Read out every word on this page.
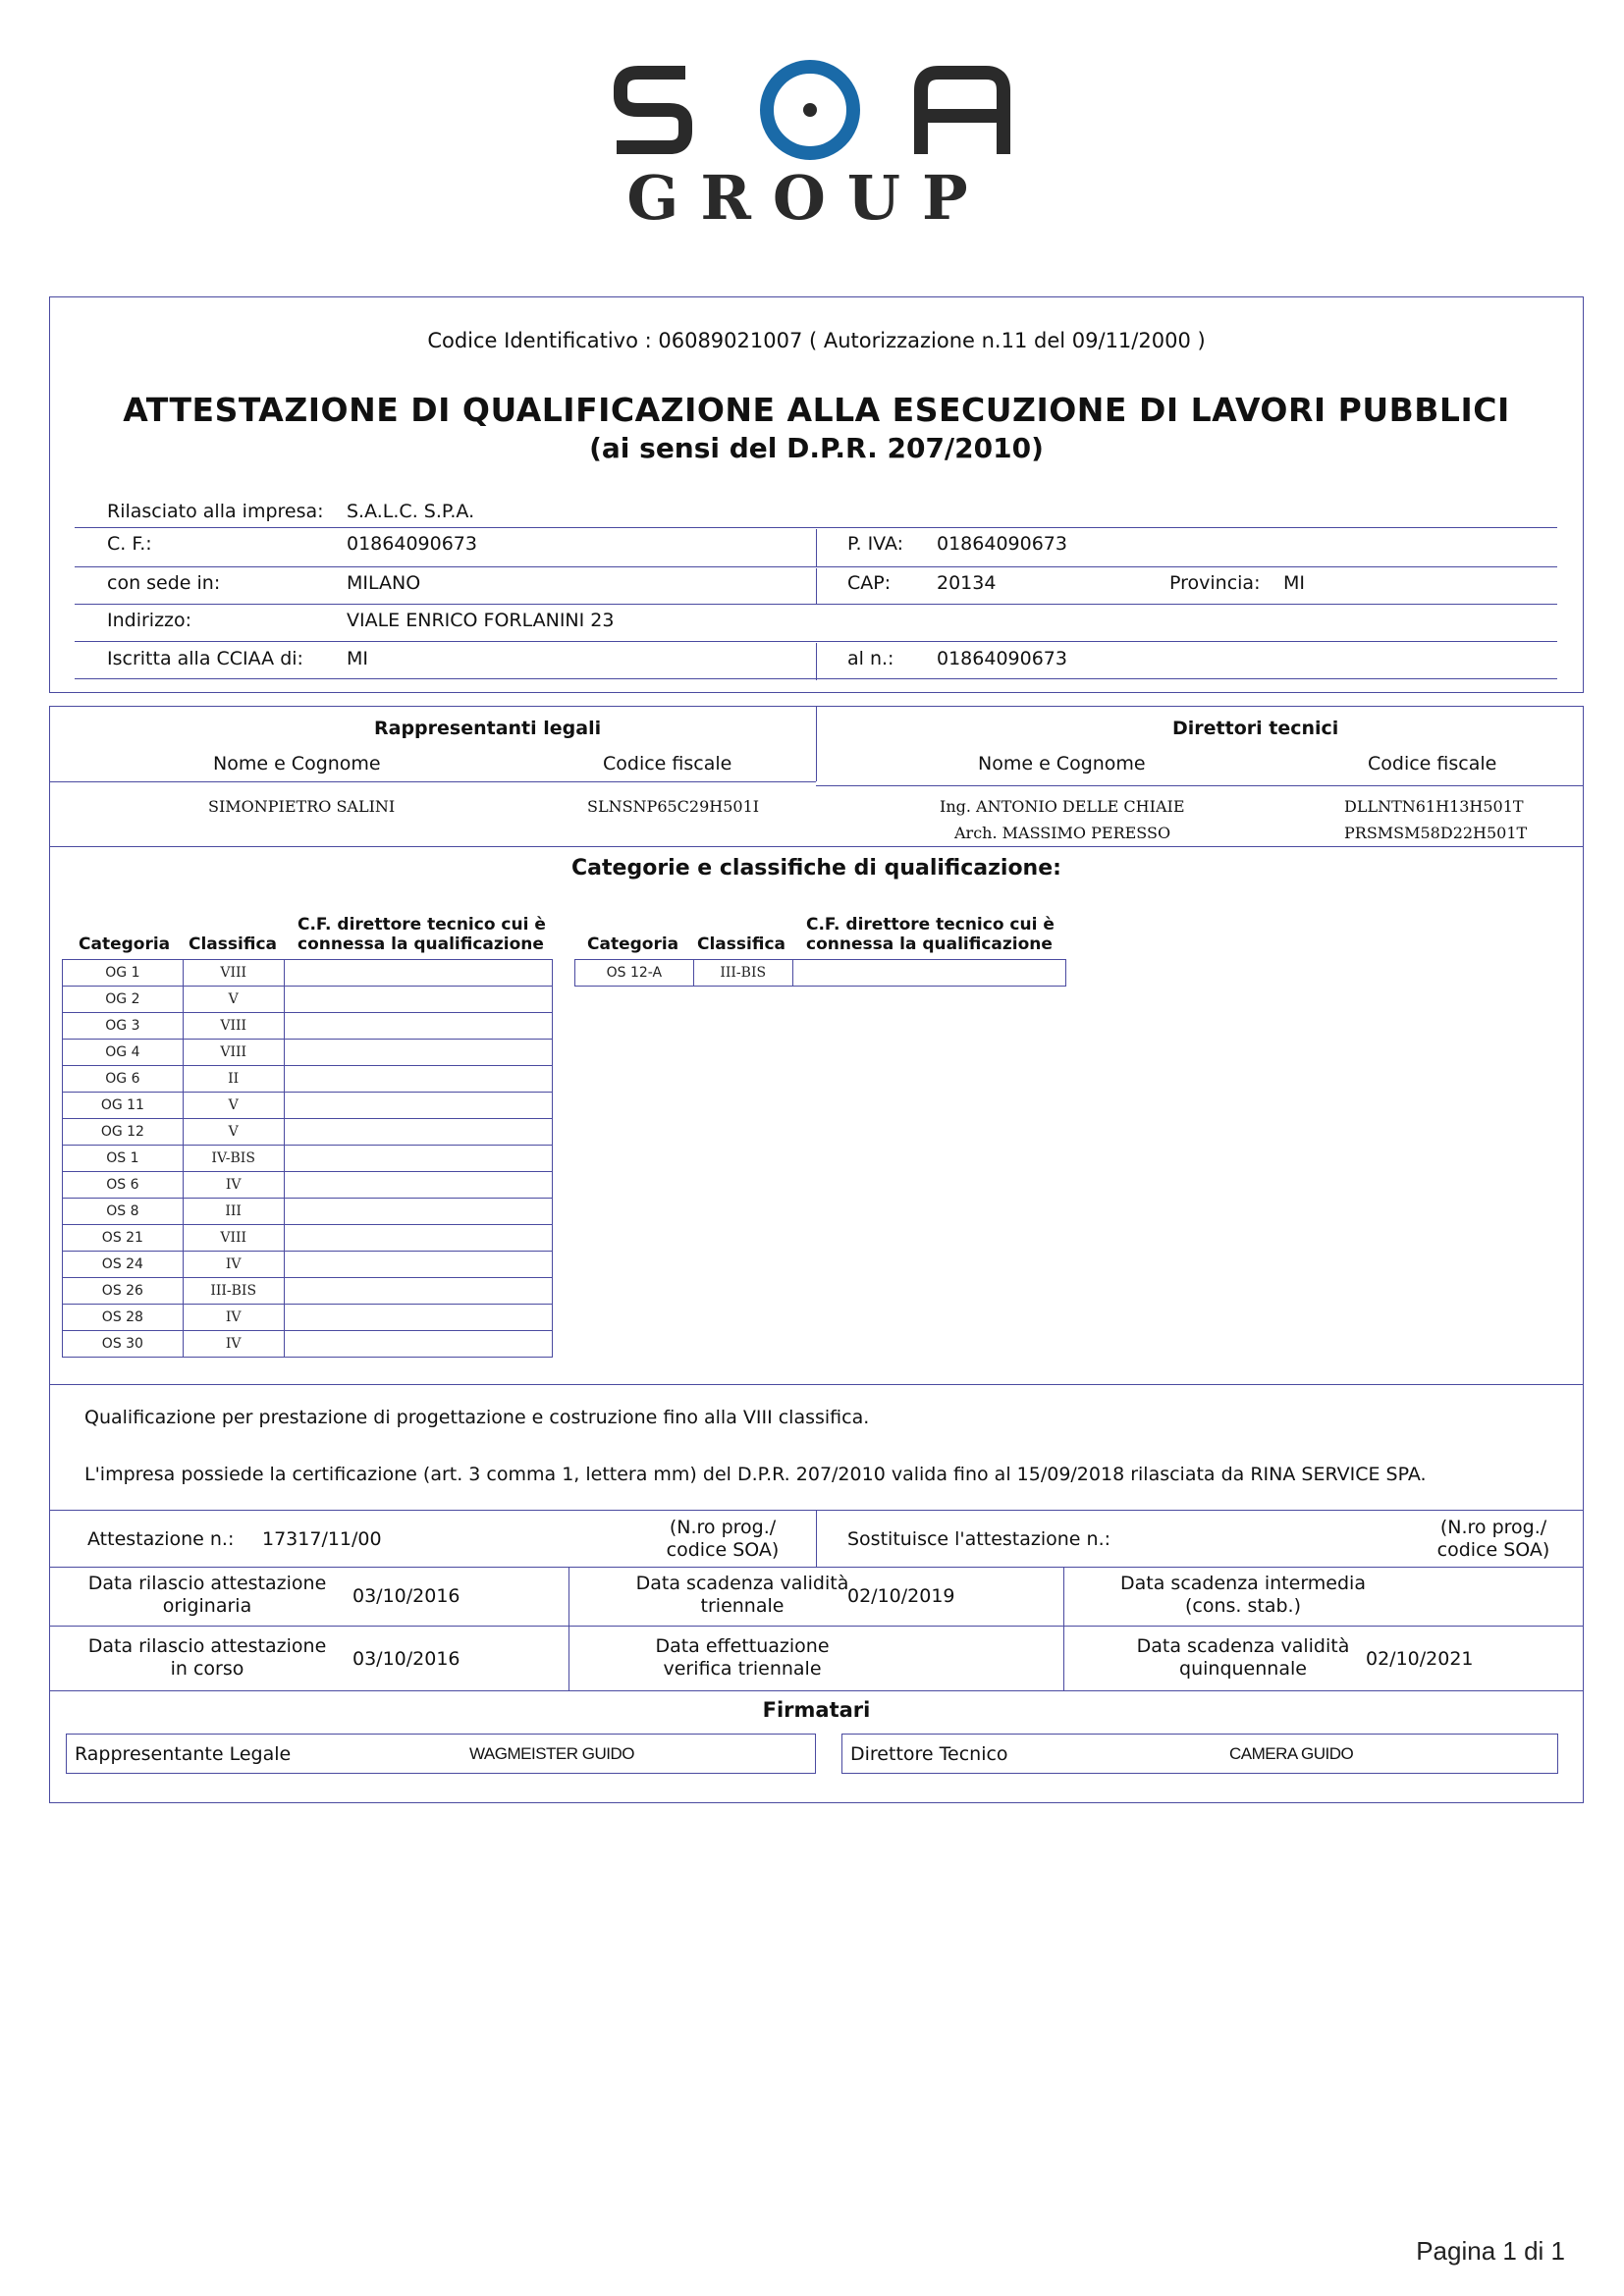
GROUP
Codice Identificativo : 06089021007 ( Autorizzazione n.11 del 09/11/2000 )
ATTESTAZIONE DI QUALIFICAZIONE ALLA ESECUZIONE DI LAVORI PUBBLICI
(ai sensi del D.P.R. 207/2010)
Rilasciato alla impresa: S.A.L.C. S.P.A.
C. F.:	01864090673	P. IVA: 01864090673
con sede in:	MILANO	CAP: 20134	Provincia: MI
Indirizzo:	VIALE ENRICO FORLANINI 23
Iscritta alla CCIAA di: MI	al n.: 01864090673
Rappresentanti legali	Direttori tecnici
Nome e Cognome	Codice fiscale	Nome e Cognome	Codice fiscale
SIMONPIETRO SALINI	SLNSNP65C29H501I	Ing. ANTONIO DELLE CHIAIE	DLLNTN61H13H501T
Arch. MASSIMO PERESSO	PRSMSM58D22H501T
Categorie e classifiche di qualificazione:
Categoria Classifica
C.F. direttore tecnico cui è
connessa la qualificazione	Categoria Classifica
C.F. direttore tecnico cui è
connessa la qualificazione
OG 1	VIII	
OG 2	V	
OG 3	VIII	
OG 4	VIII	
OG 6	II	
OG 11	V	
OG 12	V	
OS 1	IV-BIS	
OS 6	IV	
OS 8	III	
OS 21	VIII	
OS 24	IV	
OS 26	III-BIS	
OS 28	IV	
OS 30	IV	
OS 12-A	III-BIS	
Qualificazione per prestazione di progettazione e costruzione fino alla VIII classifica.
L'impresa possiede la certificazione (art. 3 comma 1, lettera mm) del D.P.R. 207/2010 valida fino al 15/09/2018 rilasciata da RINA SERVICE SPA.
Attestazione n.: 17317/11/00
(N.ro prog./
codice SOA)	Sostituisce l'attestazione n.:
(N.ro prog./
codice SOA)
Data rilascio attestazione
originaria	03/10/2016
Data scadenza validità
triennale	02/10/2019
Data scadenza intermedia
(cons. stab.)
Data rilascio attestazione
in corso	03/10/2016
Data effettuazione
verifica triennale
Data scadenza validità
quinquennale	02/10/2021
Firmatari
Rappresentante Legale	WAGMEISTER GUIDO	Direttore Tecnico	CAMERA GUIDO
Pagina 1 di 1
